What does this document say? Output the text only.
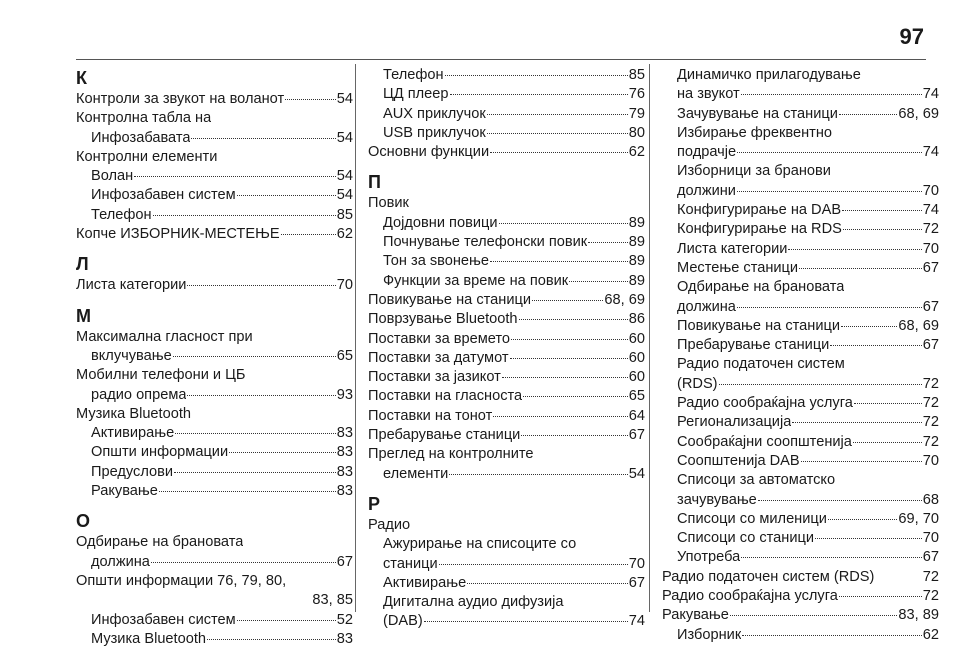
97
К
Контроли за звукот на воланот	54
Контролна табла на
Инфозабавата	54
Контролни елементи
Волан	54
Инфозабавен систем	54
Телефон	85
Копче ИЗБОРНИК-МЕСТЕЊЕ	62
Л
Листа категории	70
М
Максимална гласност при
вклучување	65
Мобилни телефони и ЦБ
радио опрема	93
Музика Bluetooth
Активирање	83
Општи информации	83
Предуслови	83
Ракување	83
О
Одбирање на брановата
должина	67
Општи информации 76, 79, 80,
83, 85
Инфозабавен систем	52
Музика Bluetooth	83
Телефон	85
ЦД плеер	76
AUX приклучок	79
USB приклучок	80
Основни функции	62
П
Повик
Дојдовни повици	89
Почнување телефонски повик	89
Тон за ѕвонење	89
Функции за време на повик	89
Повикување на станици	68, 69
Поврзување Bluetooth	86
Поставки за времето	60
Поставки за датумот	60
Поставки за јазикот	60
Поставки на гласноста	65
Поставки на тонот	64
Пребарување станици	67
Преглед на контролните
елементи	54
Р
Радио
Ажурирање на списоците со
станици	70
Активирање	67
Дигитална аудио дифузија
(DAB)	74
Динамичко прилагодување
на звукот	74
Зачувување на станици	68, 69
Избирање фреквентно
подрачје	74
Изборници за бранови
должини	70
Конфигурирање на DAB	74
Конфигурирање на RDS	72
Листа категории	70
Местење станици	67
Одбирање на брановата
должина	67
Повикување на станици	68, 69
Пребарување станици	67
Радио податочен систем
(RDS)	72
Радио сообраќајна услуга	72
Регионализација	72
Сообраќајни соопштенија	72
Соопштенија DAB	70
Списоци за автоматско
зачувување	68
Списоци со миленици	69, 70
Списоци со станици	70
Употреба	67
Радио податочен систем (RDS)	72
Радио сообраќајна услуга	72
Ракување	83, 89
Изборник	62
